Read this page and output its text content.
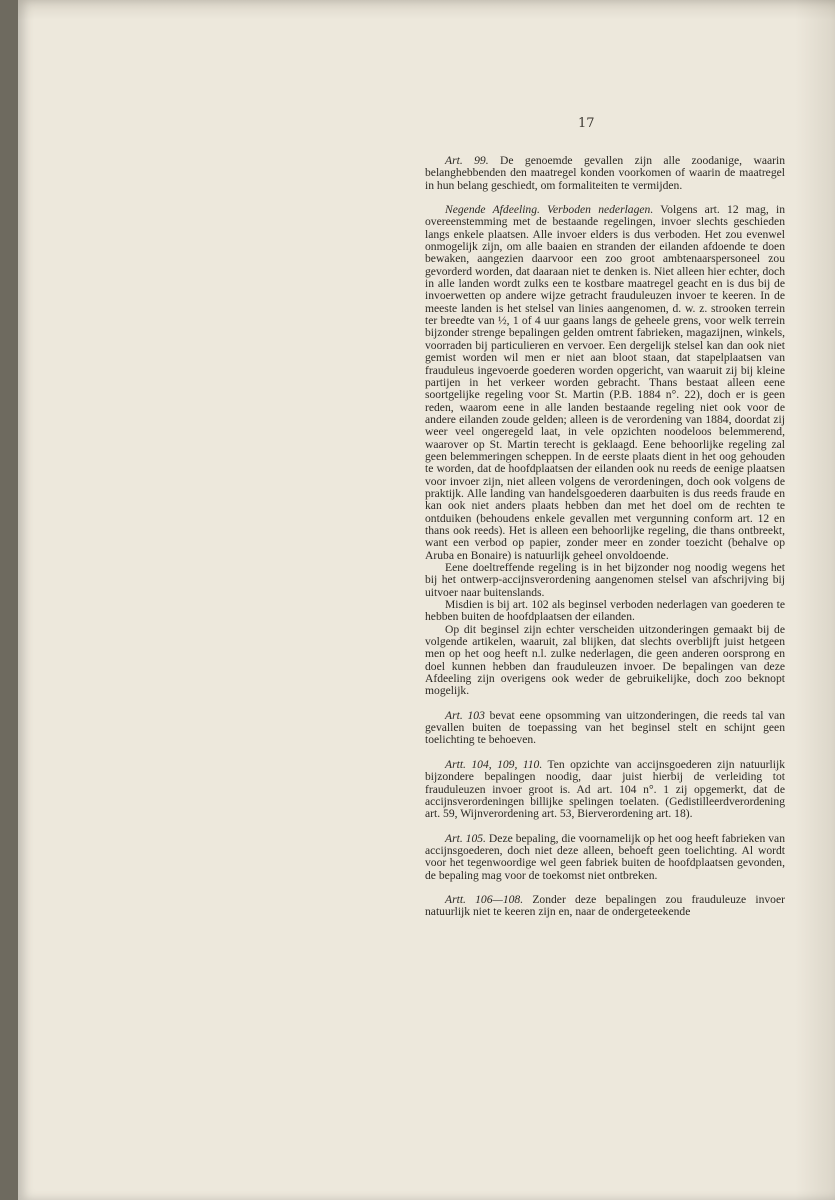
17

Art. 99. De genoemde gevallen zijn alle zoodanige, waarin belanghebbenden den maatregel konden voorkomen of waarin de maatregel in hun belang geschiedt, om formaliteiten te vermijden.

Negende Afdeeling. Verboden nederlagen. Volgens art. 12 mag, in overeenstemming met de bestaande regelingen, invoer slechts geschieden langs enkele plaatsen. Alle invoer elders is dus verboden. Het zou evenwel onmogelijk zijn, om alle baaien en stranden der eilanden afdoende te doen bewaken, aangezien daarvoor een zoo groot ambtenaarspersoneel zou gevorderd worden, dat daaraan niet te denken is. Niet alleen hier echter, doch in alle landen wordt zulks een te kostbare maatregel geacht en is dus bij de invoerwetten op andere wijze getracht frauduleuzen invoer te keeren. In de meeste landen is het stelsel van linies aangenomen, d. w. z. strooken terrein ter breedte van ½, 1 of 4 uur gaans langs de geheele grens, voor welk terrein bijzonder strenge bepalingen gelden omtrent fabrieken, magazijnen, winkels, voorraden bij particulieren en vervoer. Een dergelijk stelsel kan dan ook niet gemist worden wil men er niet aan bloot staan, dat stapelplaatsen van frauduleus ingevoerde goederen worden opgericht, van waaruit zij bij kleine partijen in het verkeer worden gebracht. Thans bestaat alleen eene soortgelijke regeling voor St. Martin (P.B. 1884 n°. 22), doch er is geen reden, waarom eene in alle landen bestaande regeling niet ook voor de andere eilanden zoude gelden; alleen is de verordening van 1884, doordat zij weer veel ongeregeld laat, in vele opzichten noodeloos belemmerend, waarover op St. Martin terecht is geklaagd. Eene behoorlijke regeling zal geen belemmeringen scheppen. In de eerste plaats dient in het oog gehouden te worden, dat de hoofdplaatsen der eilanden ook nu reeds de eenige plaatsen voor invoer zijn, niet alleen volgens de verordeningen, doch ook volgens de praktijk. Alle landing van handelsgoederen daarbuiten is dus reeds fraude en kan ook niet anders plaats hebben dan met het doel om de rechten te ontduiken (behoudens enkele gevallen met vergunning conform art. 12 en thans ook reeds). Het is alleen een behoorlijke regeling, die thans ontbreekt, want een verbod op papier, zonder meer en zonder toezicht (behalve op Aruba en Bonaire) is natuurlijk geheel onvoldoende.

Eene doeltreffende regeling is in het bijzonder nog noodig wegens het bij het ontwerp-accijnsverordening aangenomen stelsel van afschrijving bij uitvoer naar buitenslands.

Misdien is bij art. 102 als beginsel verboden nederlagen van goederen te hebben buiten de hoofdplaatsen der eilanden.

Op dit beginsel zijn echter verscheiden uitzonderingen gemaakt bij de volgende artikelen, waaruit, zal blijken, dat slechts overblijft juist hetgeen men op het oog heeft n.l. zulke nederlagen, die geen anderen oorsprong en doel kunnen hebben dan frauduleuzen invoer. De bepalingen van deze Afdeeling zijn overigens ook weder de gebruikelijke, doch zoo beknopt mogelijk.

Art. 103 bevat eene opsomming van uitzonderingen, die reeds tal van gevallen buiten de toepassing van het beginsel stelt en schijnt geen toelichting te behoeven.

Artt. 104, 109, 110. Ten opzichte van accijnsgoederen zijn natuurlijk bijzondere bepalingen noodig, daar juist hierbij de verleiding tot frauduleuzen invoer groot is. Ad art. 104 n°. 1 zij opgemerkt, dat de accijnsverordeningen billijke spelingen toelaten. (Gedistilleerdverordening art. 59, Wijnverordening art. 53, Bierverordening art. 18).

Art. 105. Deze bepaling, die voornamelijk op het oog heeft fabrieken van accijnsgoederen, doch niet deze alleen, behoeft geen toelichting. Al wordt voor het tegenwoordige wel geen fabriek buiten de hoofdplaatsen gevonden, de bepaling mag voor de toekomst niet ontbreken.

Artt. 106—108. Zonder deze bepalingen zou frauduleuze invoer natuurlijk niet te keeren zijn en, naar de ondergeteekende
